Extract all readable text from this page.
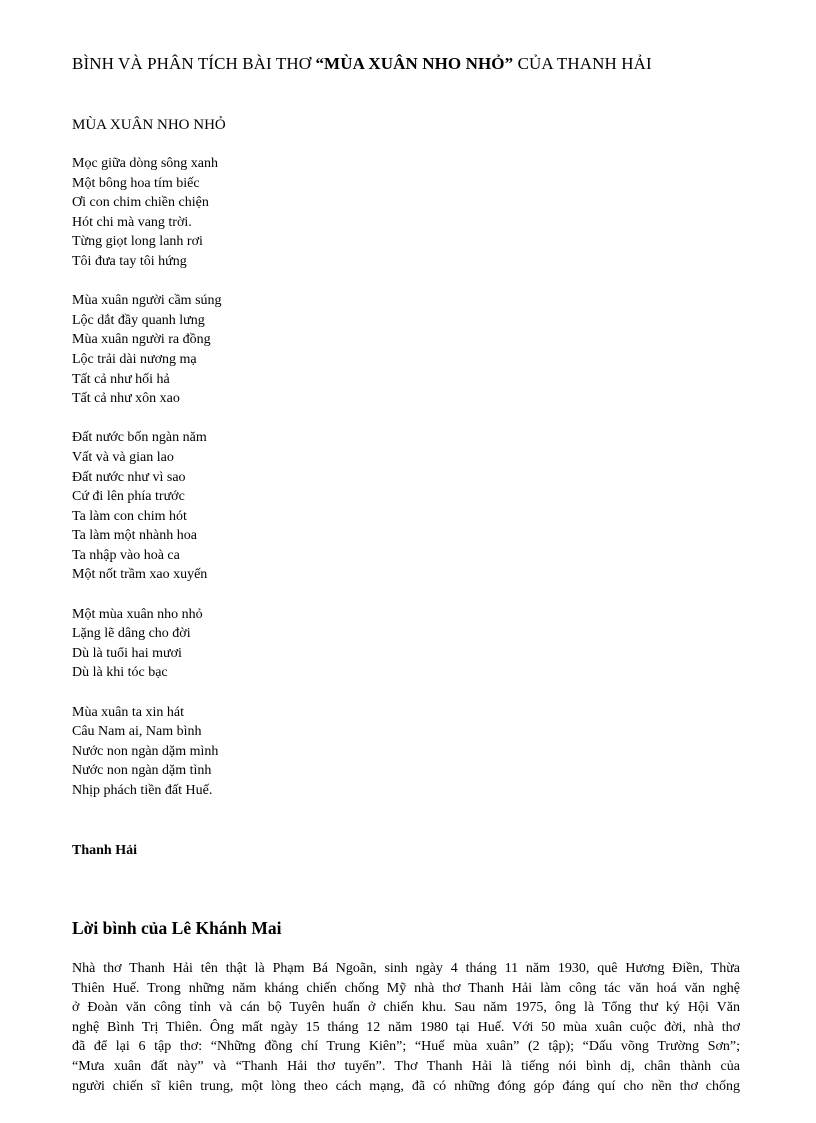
BÌNH VÀ PHÂN TÍCH BÀI THƠ “MÙA XUÂN NHO NHỎ” CỦA THANH HẢI
MÙA XUÂN NHO NHỎ
Mọc giữa dòng sông xanh
Một bông hoa tím biếc
Ơi con chim chiền chiện
Hót chi mà vang trời.
Từng giọt long lanh rơi
Tôi đưa tay tôi hứng
Mùa xuân người cầm súng
Lộc dắt đầy quanh lưng
Mùa xuân người ra đồng
Lộc trải dài nương mạ
Tất cả như hối hả
Tất cả như xôn xao
Đất nước bốn ngàn năm
Vất và và gian lao
Đất nước như vì sao
Cứ đi lên phía trước
Ta làm con chim hót
Ta làm một nhành hoa
Ta nhập vào hoà ca
Một nốt trầm xao xuyến
Một mùa xuân nho nhỏ
Lặng lẽ dâng cho đời
Dù là tuổi hai mươi
Dù là khi tóc bạc
Mùa xuân ta xin hát
Câu Nam ai, Nam bình
Nước non ngàn dặm mình
Nước non ngàn dặm tình
Nhịp phách tiền đất Huế.
Thanh Hải
Lời bình của Lê Khánh Mai
Nhà thơ Thanh Hải tên thật là Phạm Bá Ngoãn, sinh ngày 4 tháng 11 năm 1930, quê Hương Điền, Thừa
Thiên Huế. Trong những năm kháng chiến chống Mỹ nhà thơ Thanh Hải làm công tác văn hoá văn nghệ
ở Đoàn văn công tỉnh và cán bộ Tuyên huấn ở chiến khu. Sau năm 1975, ông là Tổng thư ký Hội Văn
nghệ Bình Trị Thiên. Ông mất ngày 15 tháng 12 năm 1980 tại Huế. Với 50 mùa xuân cuộc đời, nhà thơ
đã để lại 6 tập thơ: “Những đồng chí Trung Kiên”; “Huế mùa xuân” (2 tập); “Dấu võng Trường Sơn”;
“Mưa xuân đất này” và “Thanh Hải thơ tuyển”. Thơ Thanh Hải là tiếng nói bình dị, chân thành của
người chiến sĩ kiên trung, một lòng theo cách mạng, đã có những đóng góp đáng quí cho nền thơ chống
